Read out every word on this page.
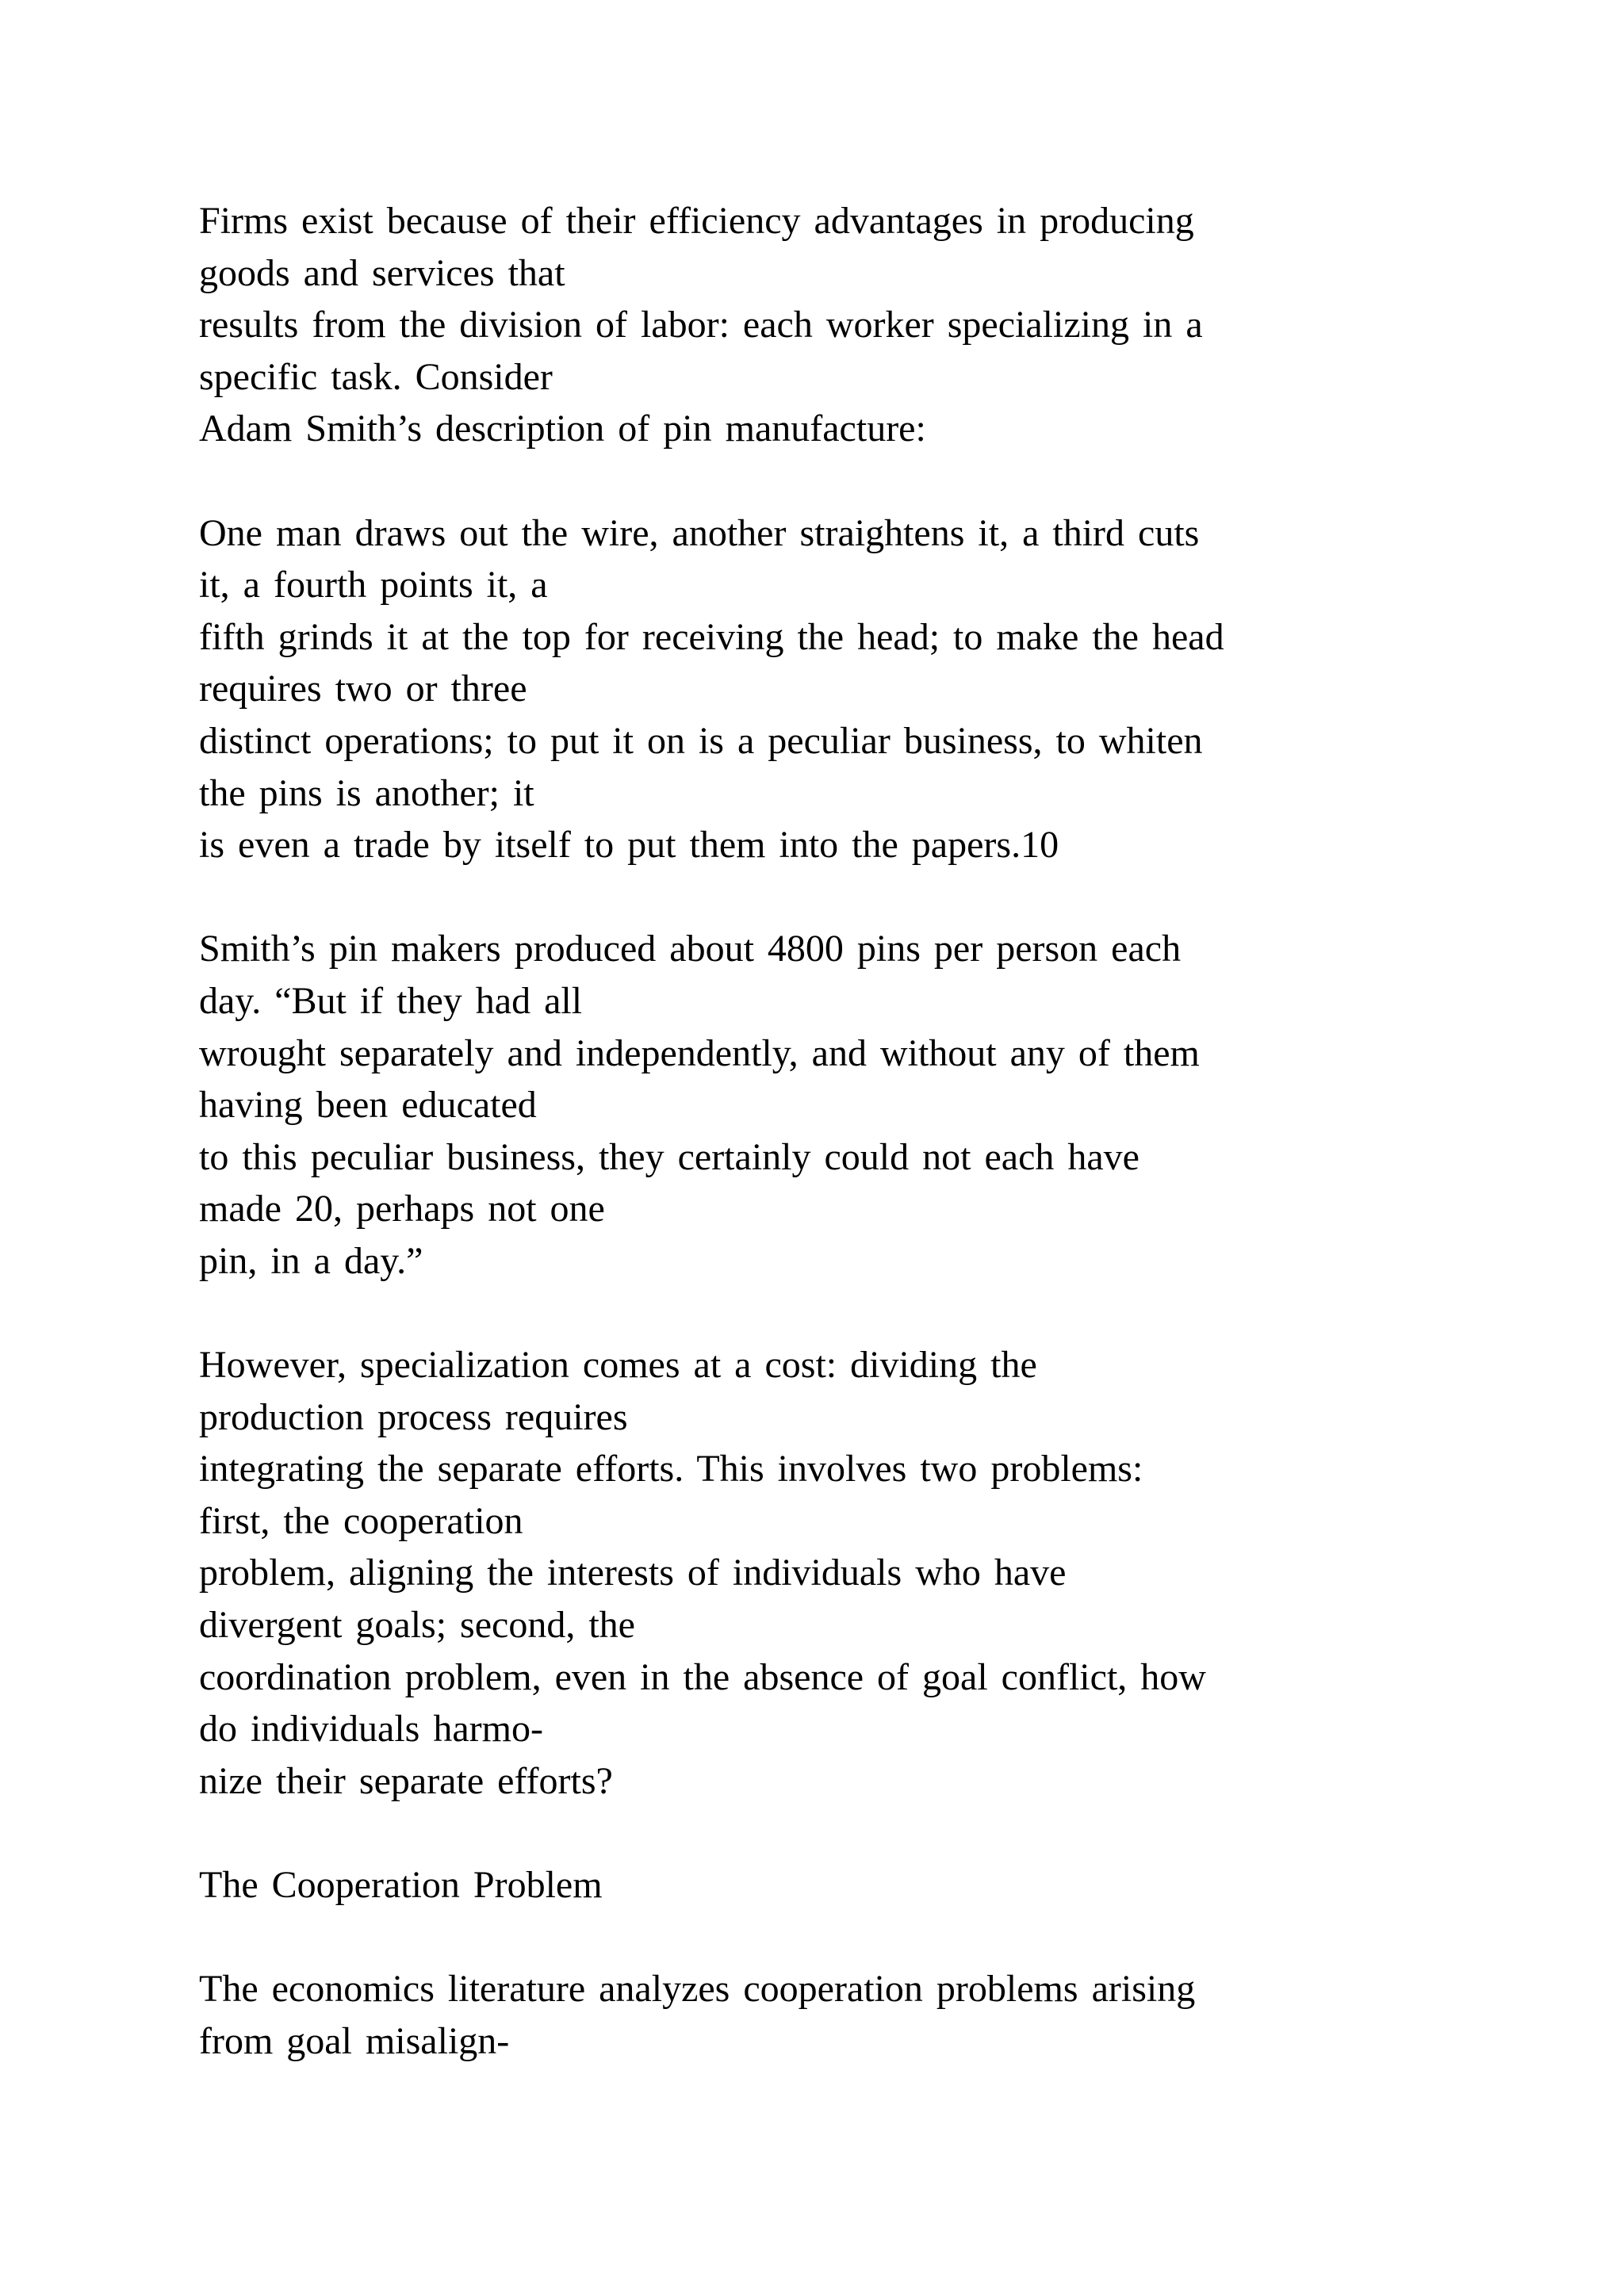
Firms exist because of their efficiency advantages in producing
goods and services that
results from the division of labor: each worker specializing in a
specific task. Consider
Adam Smith’s description of pin manufacture:
One man draws out the wire, another straightens it, a third cuts
it, a fourth points it, a
fifth grinds it at the top for receiving the head; to make the head
requires two or three
distinct operations; to put it on is a peculiar business, to whiten
the pins is another; it
is even a trade by itself to put them into the papers.10
Smith’s pin makers produced about 4800 pins per person each
day. “But if they had all
wrought separately and independently, and without any of them
having been educated
to this peculiar business, they certainly could not each have
made 20, perhaps not one
pin, in a day.”
However, specialization comes at a cost: dividing the
production process requires
integrating the separate efforts. This involves two problems:
first, the cooperation
problem, aligning the interests of individuals who have
divergent goals; second, the
coordination problem, even in the absence of goal conflict, how
do individuals harmo-
nize their separate efforts?
The Cooperation Problem
The economics literature analyzes cooperation problems arising
from goal misalign-
